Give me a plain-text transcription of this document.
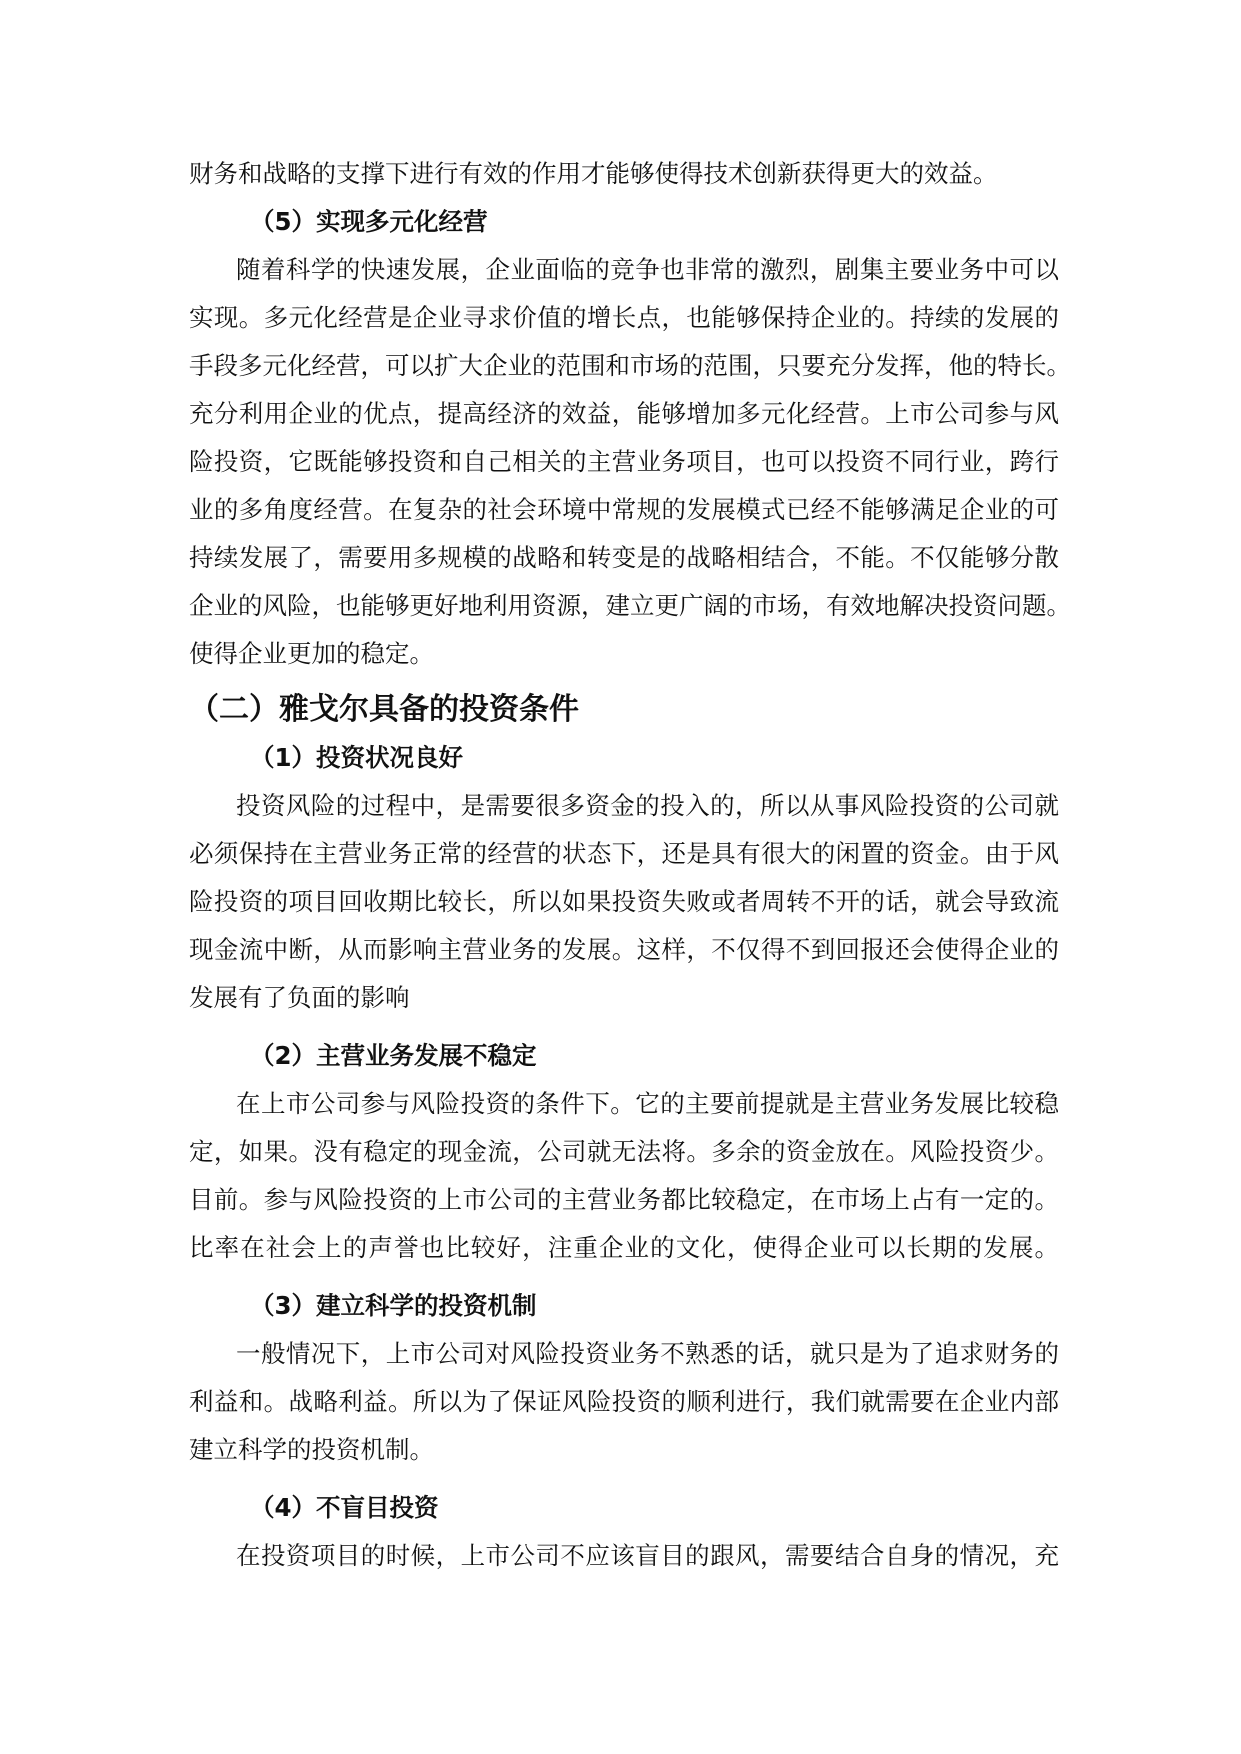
财务和战略的支撑下进行有效的作用才能够使得技术创新获得更大的效益。
（5）实现多元化经营
随着科学的快速发展，企业面临的竞争也非常的激烈，剧集主要业务中可以
实现。多元化经营是企业寻求价值的增长点，也能够保持企业的。持续的发展的
手段多元化经营，可以扩大企业的范围和市场的范围，只要充分发挥，他的特长。
充分利用企业的优点，提高经济的效益，能够增加多元化经营。上市公司参与风
险投资，它既能够投资和自己相关的主营业务项目，也可以投资不同行业，跨行
业的多角度经营。在复杂的社会环境中常规的发展模式已经不能够满足企业的可
持续发展了，需要用多规模的战略和转变是的战略相结合，不能。不仅能够分散
企业的风险，也能够更好地利用资源，建立更广阔的市场，有效地解决投资问题。
使得企业更加的稳定。
（二）雅戈尔具备的投资条件
（1）投资状况良好
投资风险的过程中，是需要很多资金的投入的，所以从事风险投资的公司就
必须保持在主营业务正常的经营的状态下，还是具有很大的闲置的资金。由于风
险投资的项目回收期比较长，所以如果投资失败或者周转不开的话，就会导致流
现金流中断，从而影响主营业务的发展。这样，不仅得不到回报还会使得企业的
发展有了负面的影响
（2）主营业务发展不稳定
在上市公司参与风险投资的条件下。它的主要前提就是主营业务发展比较稳
定，如果。没有稳定的现金流，公司就无法将。多余的资金放在。风险投资少。
目前。参与风险投资的上市公司的主营业务都比较稳定，在市场上占有一定的。
比率在社会上的声誉也比较好，注重企业的文化，使得企业可以长期的发展。
（3）建立科学的投资机制
一般情况下，上市公司对风险投资业务不熟悉的话，就只是为了追求财务的
利益和。战略利益。所以为了保证风险投资的顺利进行，我们就需要在企业内部
建立科学的投资机制。
（4）不盲目投资
在投资项目的时候，上市公司不应该盲目的跟风，需要结合自身的情况，充
